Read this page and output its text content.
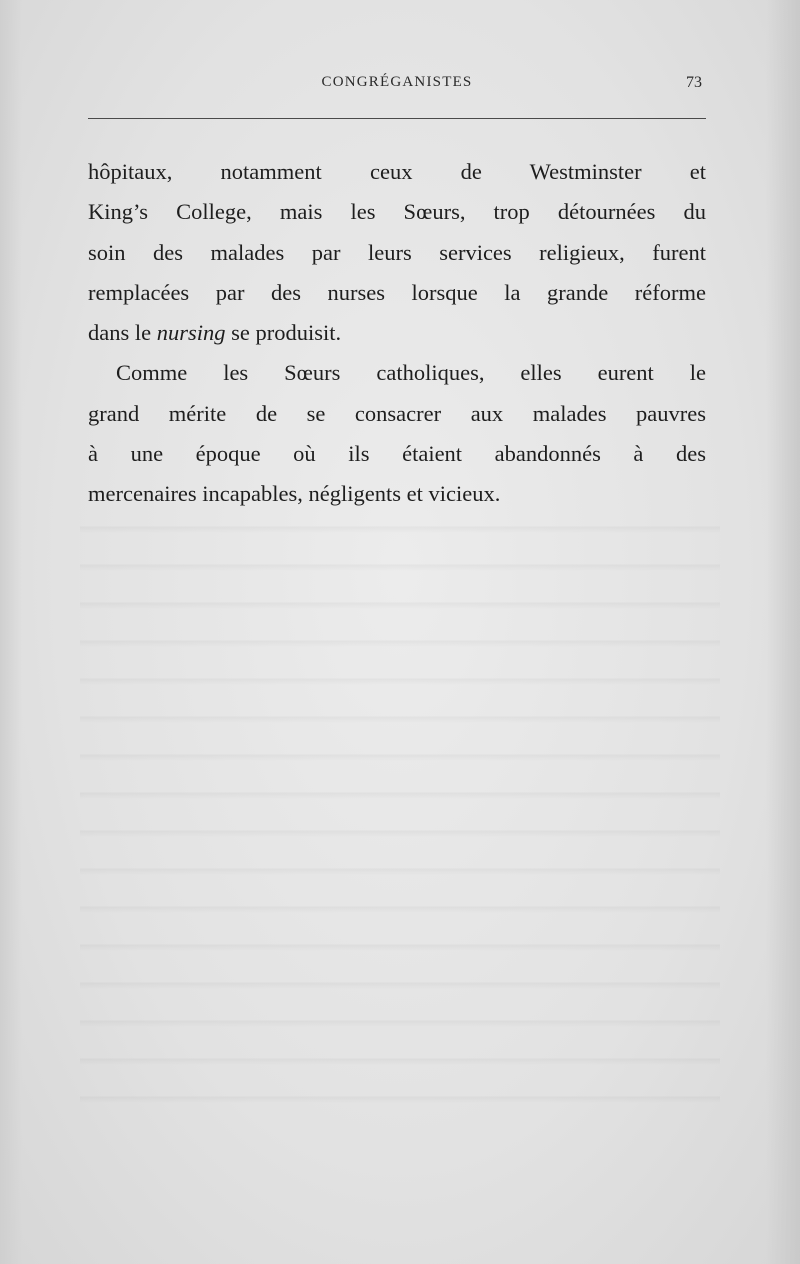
CONGRÉGANISTES	73
hôpitaux, notamment ceux de Westminster et
King’s College, mais les Sœurs, trop détournées du
soin des malades par leurs services religieux, furent
remplacées par des nurses lorsque la grande réforme
dans le nursing se produisit.
Comme les Sœurs catholiques, elles eurent le
grand mérite de se consacrer aux malades pauvres
à une époque où ils étaient abandonnés à des
mercenaires incapables, négligents et vicieux.
